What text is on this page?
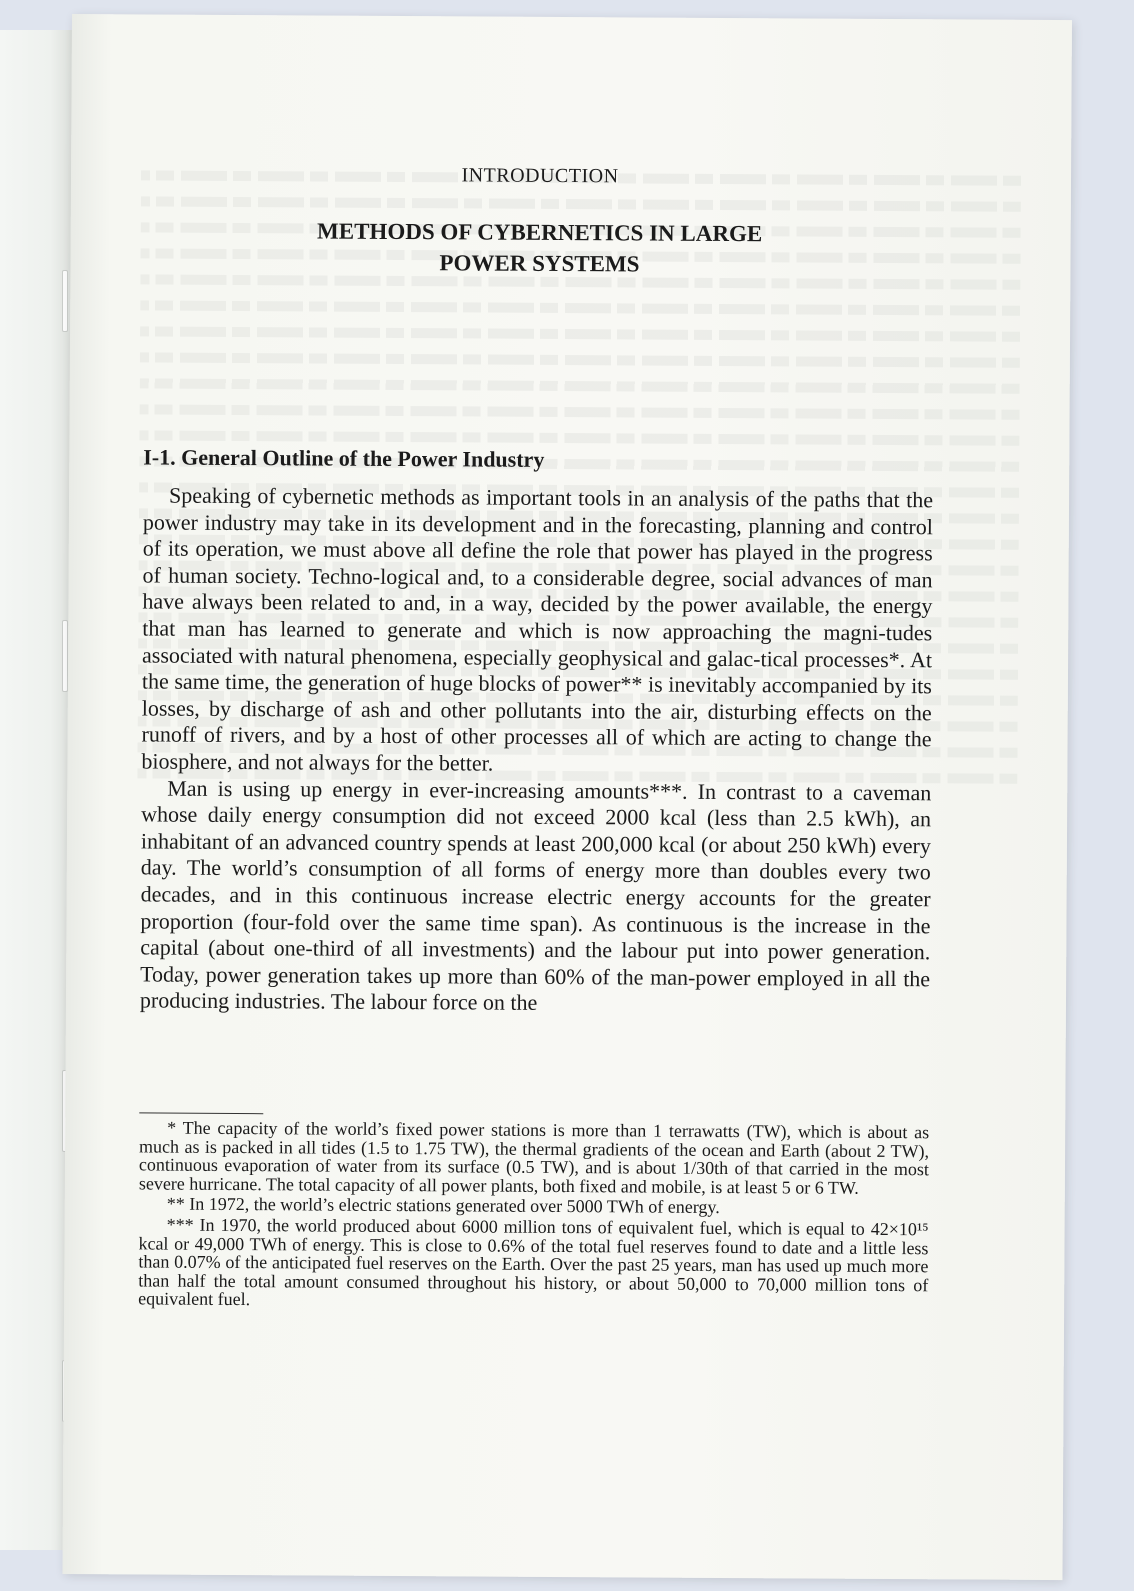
INTRODUCTION
METHODS OF CYBERNETICS IN LARGE
POWER SYSTEMS
I-1. General Outline of the Power Industry

Speaking of cybernetic methods as important tools in an analysis of the paths that the power industry may take in its development and in the forecasting, planning and control of its operation, we must above all define the role that power has played in the progress of human society. Techno-logical and, to a considerable degree, social advances of man have always been related to and, in a way, decided by the power available, the energy that man has learned to generate and which is now approaching the magni-tudes associated with natural phenomena, especially geophysical and galac-tical processes*. At the same time, the generation of huge blocks of power** is inevitably accompanied by its losses, by discharge of ash and other pollutants into the air, disturbing effects on the runoff of rivers, and by a host of other processes all of which are acting to change the biosphere, and not always for the better.

Man is using up energy in ever-increasing amounts***. In contrast to a caveman whose daily energy consumption did not exceed 2000 kcal (less than 2.5 kWh), an inhabitant of an advanced country spends at least 200,000 kcal (or about 250 kWh) every day. The world’s consumption of all forms of energy more than doubles every two decades, and in this continuous increase electric energy accounts for the greater proportion (four-fold over the same time span). As continuous is the increase in the capital (about one-third of all investments) and the labour put into power generation. Today, power generation takes up more than 60% of the man-power employed in all the producing industries. The labour force on the

* The capacity of the world’s fixed power stations is more than 1 terrawatts (TW), which is about as much as is packed in all tides (1.5 to 1.75 TW), the thermal gradients of the ocean and Earth (about 2 TW), continuous evaporation of water from its surface (0.5 TW), and is about 1/30th of that carried in the most severe hurricane. The total capacity of all power plants, both fixed and mobile, is at least 5 or 6 TW.

** In 1972, the world’s electric stations generated over 5000 TWh of energy.

*** In 1970, the world produced about 6000 million tons of equivalent fuel, which is equal to 42×10¹⁵ kcal or 49,000 TWh of energy. This is close to 0.6% of the total fuel reserves found to date and a little less than 0.07% of the anticipated fuel reserves on the Earth. Over the past 25 years, man has used up much more than half the total amount consumed throughout his history, or about 50,000 to 70,000 million tons of equivalent fuel.
